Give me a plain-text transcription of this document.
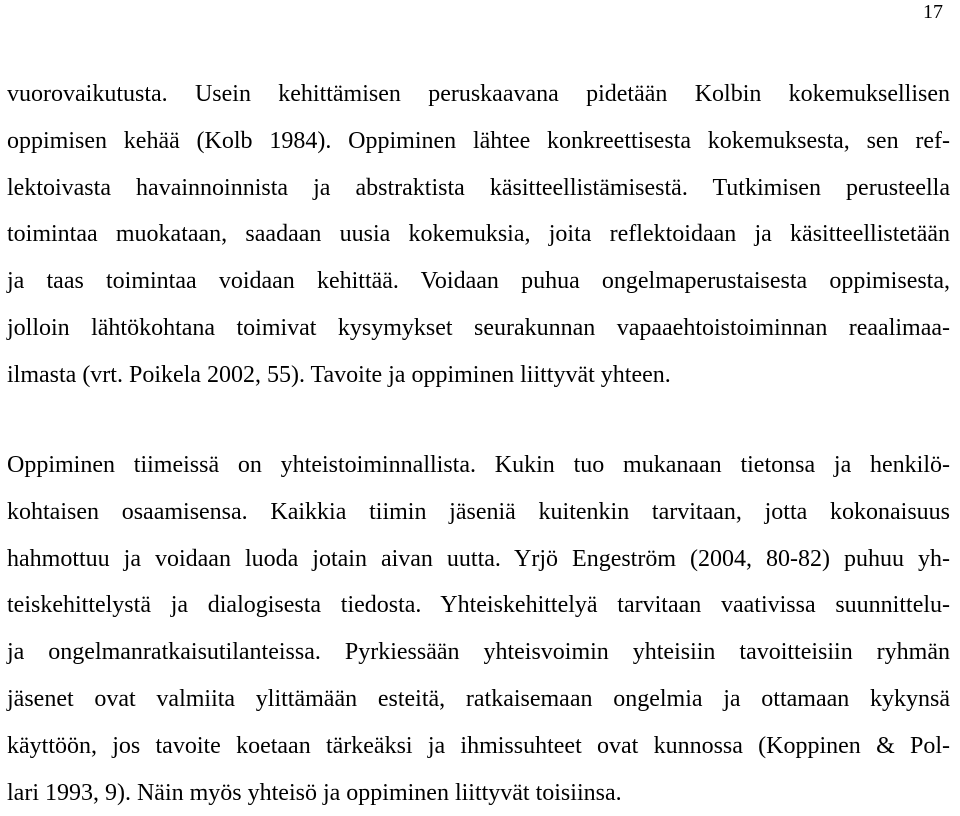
17
vuorovaikutusta. Usein kehittämisen peruskaavana pidetään Kolbin kokemuksellisen
oppimisen kehää (Kolb 1984). Oppiminen lähtee konkreettisesta kokemuksesta, sen ref-
lektoivasta havainnoinnista ja abstraktista käsitteellistämisestä. Tutkimisen perusteella
toimintaa muokataan, saadaan uusia kokemuksia, joita reflektoidaan ja käsitteellistetään
ja taas toimintaa voidaan kehittää. Voidaan puhua ongelmaperustaisesta oppimisesta,
jolloin lähtökohtana toimivat kysymykset seurakunnan vapaaehtoistoiminnan reaalimaa-
ilmasta (vrt. Poikela 2002, 55). Tavoite ja oppiminen liittyvät yhteen.
Oppiminen tiimeissä on yhteistoiminnallista. Kukin tuo mukanaan tietonsa ja henkilö-
kohtaisen osaamisensa. Kaikkia tiimin jäseniä kuitenkin tarvitaan, jotta kokonaisuus
hahmottuu ja voidaan luoda jotain aivan uutta. Yrjö Engeström (2004, 80-82) puhuu yh-
teiskehittelystä ja dialogisesta tiedosta. Yhteiskehittelyä tarvitaan vaativissa suunnittelu-
ja ongelmanratkaisutilanteissa. Pyrkiessään yhteisvoimin yhteisiin tavoitteisiin ryhmän
jäsenet ovat valmiita ylittämään esteitä, ratkaisemaan ongelmia ja ottamaan kykynsä
käyttöön, jos tavoite koetaan tärkeäksi ja ihmissuhteet ovat kunnossa (Koppinen & Pol-
lari 1993, 9). Näin myös yhteisö ja oppiminen liittyvät toisiinsa.
